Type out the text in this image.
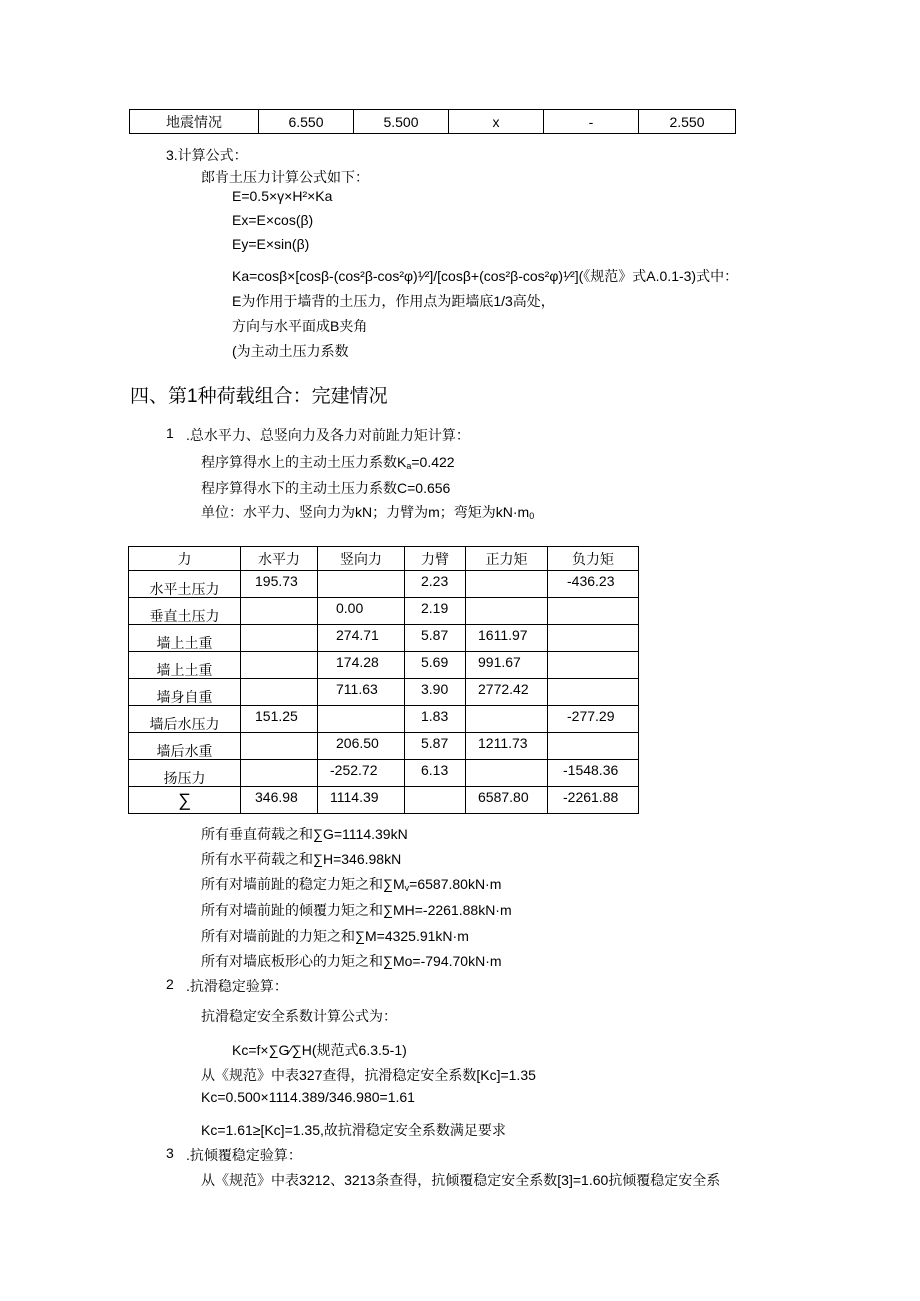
地震情况	6.550	5.500	x	-	2.550
3.计算公式：
郎肯土压力计算公式如下：
E=0.5×γ×H²×Ka
Ex=E×cos(β)
Ey=E×sin(β)
Ka=cosβ×[cosβ-(cos²β-cos²φ)¹⁄²]/[cosβ+(cos²β-cos²φ)¹⁄²](《规范》式A.0.1-3)式中：
E为作用于墙背的土压力，作用点为距墙底1/3高处，
方向与水平面成B夹角
(为主动土压力系数
四、第1种荷载组合：完建情况
1 .总水平力、总竖向力及各力对前趾力矩计算：
程序算得水上的主动土压力系数$K_a=0.422$
程序算得水下的主动土压力系数C=0.656
单位：水平力、竖向力为kN；力臂为m；弯矩为$kN\cdot m_0$
力	水平力	竖向力	力臂	正力矩	负力矩
水平土压力	195.73		2.23		-436.23
垂直土压力		0.00	2.19		
墙上土重		274.71	5.87	1611.97	
墙上土重		174.28	5.69	991.67	
墙身自重		711.63	3.90	2772.42	
墙后水压力	151.25		1.83		-277.29
墙后水重		206.50	5.87	1211.73	
扬压力		-252.72	6.13		-1548.36
∑	346.98	1114.39		6587.80	-2261.88
所有垂直荷载之和∑G=1114.39kN
所有水平荷载之和∑H=346.98kN
所有对墙前趾的稳定力矩之和$\sum M_v=6587.80kN\cdot m$
所有对墙前趾的倾覆力矩之和∑MH=-2261.88kN·m
所有对墙前趾的力矩之和∑M=4325.91kN·m
所有对墙底板形心的力矩之和∑Mo=-794.70kN·m
2 .抗滑稳定验算：
抗滑稳定安全系数计算公式为：
Kc=f×∑G⁄∑H(规范式6.3.5-1)
从《规范》中表327查得，抗滑稳定安全系数[Kc]=1.35
Kc=0.500×1114.389/346.980=1.61
Kc=1.61≥[Kc]=1.35,故抗滑稳定安全系数满足要求
3 .抗倾覆稳定验算：
从《规范》中表3212、3213条查得，抗倾覆稳定安全系数[3]=1.60抗倾覆稳定安全系
